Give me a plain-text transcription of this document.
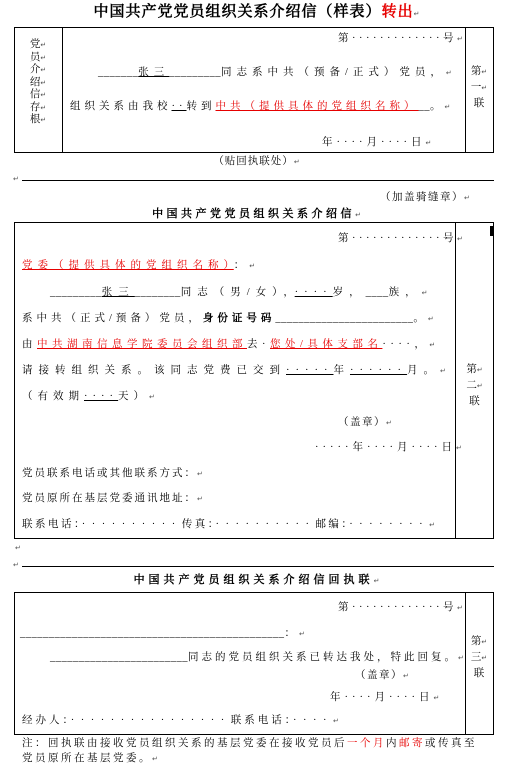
中国共产党党员组织关系介绍信（样表）转出↵
党↵
员↵
介↵
绍↵
信↵
存↵
根↵
第·············号↵
_______张三_________同志系中共（预备/正式）党员，↵
组织关系由我校··转到中共（提供具体的党组织名称）__。↵
年····月····日↵
第↵
一↵
联
（贴回执联处）↵
↵
（加盖骑缝章）↵
中国共产党党员组织关系介绍信↵
第·············号↵
党委（提供具体的党组织名称）：↵
_________张三________同志（男/女），····岁，____族，↵
系中共（正式/预备）党员，身份证号码________________________。↵
由中共湖南信息学院委员会组织部去·您处/具体支部名····，↵
请接转组织关系。该同志党费已交到·····年······月。↵
（有效期····天）↵
（盖章）↵
·····年····月····日↵
党员联系电话或其他联系方式：↵
党员原所在基层党委通讯地址：↵
联系电话：··········传真：··········邮编：········↵
第↵
二↵
联
↵
↵
中国共产党员组织关系介绍信回执联↵
第·············号↵
______________________________________________：↵
________________________同志的党员组织关系已转达我处，特此回复。↵
（盖章）↵
年····月····日↵
经办人：················联系电话：····↵
第↵
三↵
联
注：回执联由接收党员组织关系的基层党委在接收党员后一个月内邮寄或传真至
党员原所在基层党委。↵
